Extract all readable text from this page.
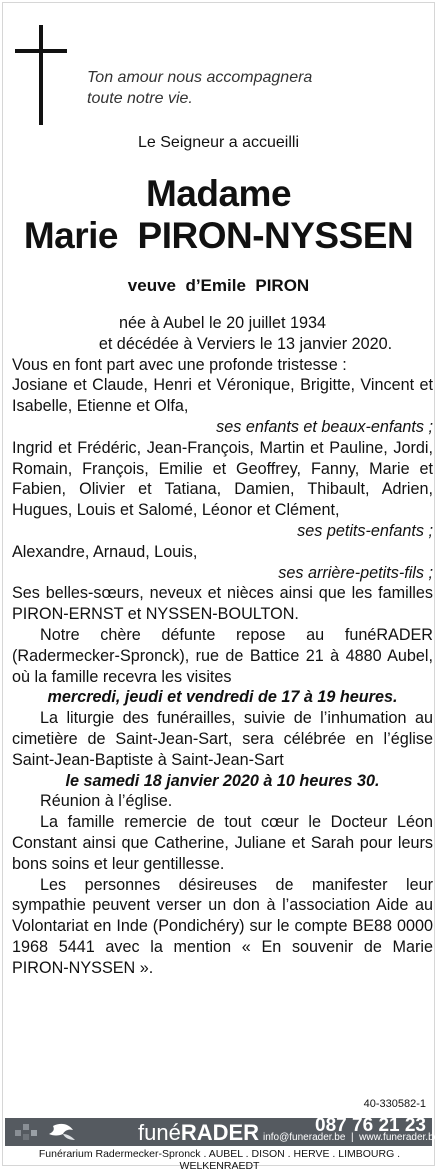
Ton amour nous accompagnera
toute notre vie.
Le Seigneur a accueilli
Madame
Marie  PIRON-NYSSEN
veuve  d’Emile  PIRON

née à Aubel le 20 juillet 1934

et décédée à Verviers le 13 janvier 2020.

Vous en font part avec une profonde tristesse :

Josiane et Claude, Henri et Véronique, Brigitte, Vincent et Isabelle, Etienne et Olfa,

ses enfants et beaux-enfants ;

Ingrid et Frédéric, Jean-François, Martin et Pauline, Jordi, Romain, François, Emilie et Geoffrey, Fanny, Marie et Fabien, Olivier et Tatiana, Damien, Thibault, Adrien, Hugues, Louis et Salomé, Léonor et Clément,

ses petits-enfants ;

Alexandre, Arnaud, Louis,

ses arrière-petits-fils ;

Ses belles-sœurs, neveux et nièces ainsi que les familles PIRON-ERNST et NYSSEN-BOULTON.

Notre chère défunte repose au funéRADER (Radermecker-Spronck), rue de Battice 21 à 4880 Aubel, où la famille recevra les visites

mercredi, jeudi et vendredi de 17 à 19 heures.

La liturgie des funérailles, suivie de l’inhumation au cimetière de Saint-Jean-Sart, sera célébrée en l’église Saint-Jean-Baptiste à Saint-Jean-Sart

le samedi 18 janvier 2020 à 10 heures 30.

Réunion à l’église.

La famille remercie de tout cœur le Docteur Léon Constant ainsi que Catherine, Juliane et Sarah pour leurs bons soins et leur gentillesse.

Les personnes désireuses de manifester leur sympathie peuvent verser un don à l’association Aide au Volontariat en Inde (Pondichéry) sur le compte BE88 0000 1968 5441 avec la mention « En souvenir de Marie PIRON-NYSSEN ».

40-330582-1
funéRADER info@funerader.be  |  www.funerader.be
087 76 21 23
Funérarium Radermecker-Spronck . AUBEL . DISON . HERVE . LIMBOURG . WELKENRAEDT
